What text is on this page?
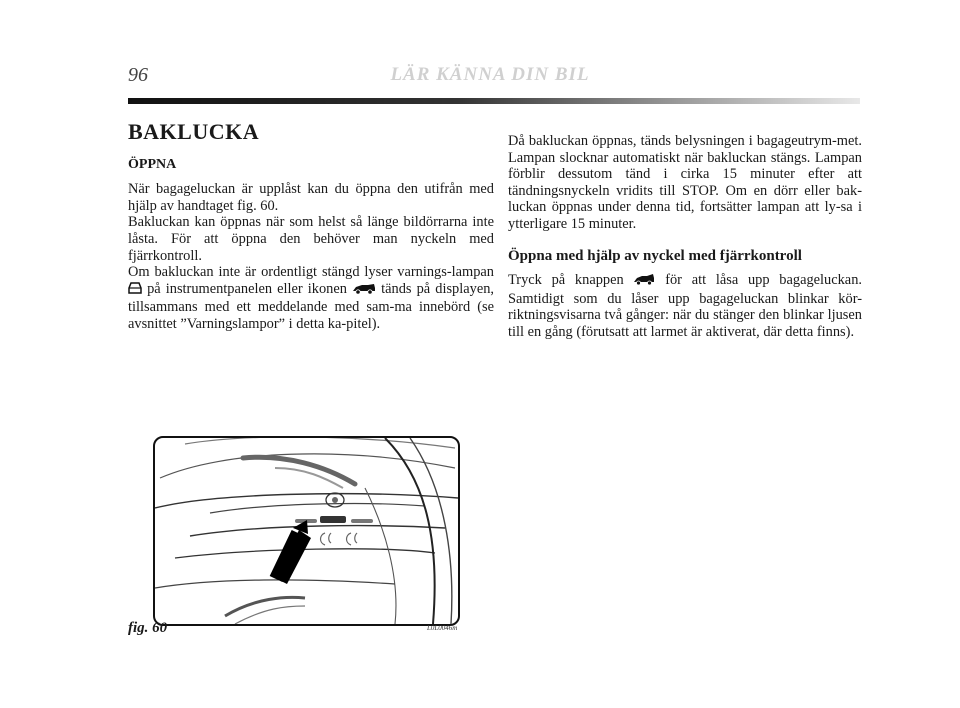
96	LÄR KÄNNA DIN BIL
BAKLUCKA
ÖPPNA

När bagageluckan är upplåst kan du öppna den utifrån med hjälp av handtaget fig. 60.

Bakluckan kan öppnas när som helst så länge bildörrarna inte låsta. För att öppna den behöver man nyckeln med fjärrkontroll.

Om bakluckan inte är ordentligt stängd lyser varnings-lampan  på instrumentpanelen eller ikonen tänds på displayen, tillsammans med ett meddelande med sam-ma innebörd (se avsnittet ”Varningslampor” i detta ka-pitel).

Då bakluckan öppnas, tänds belysningen i bagageutrym-met. Lampan slocknar automatiskt när bakluckan stängs. Lampan förblir dessutom tänd i cirka 15 minuter efter att tändningsnyckeln vridits till STOP. Om en dörr eller bak-luckan öppnas under denna tid, fortsätter lampan att ly-sa i ytterligare 15 minuter.

Öppna med hjälp av nyckel med fjärrkontroll

Tryck på knappen	för att låsa upp bagageluckan. Samtidigt som du låser upp bagageluckan blinkar kör-riktningsvisarna två gånger: när du stänger den blinkar ljusen till en gång (förutsatt att larmet är aktiverat, där detta finns).

fig. 60	L0L0046m
